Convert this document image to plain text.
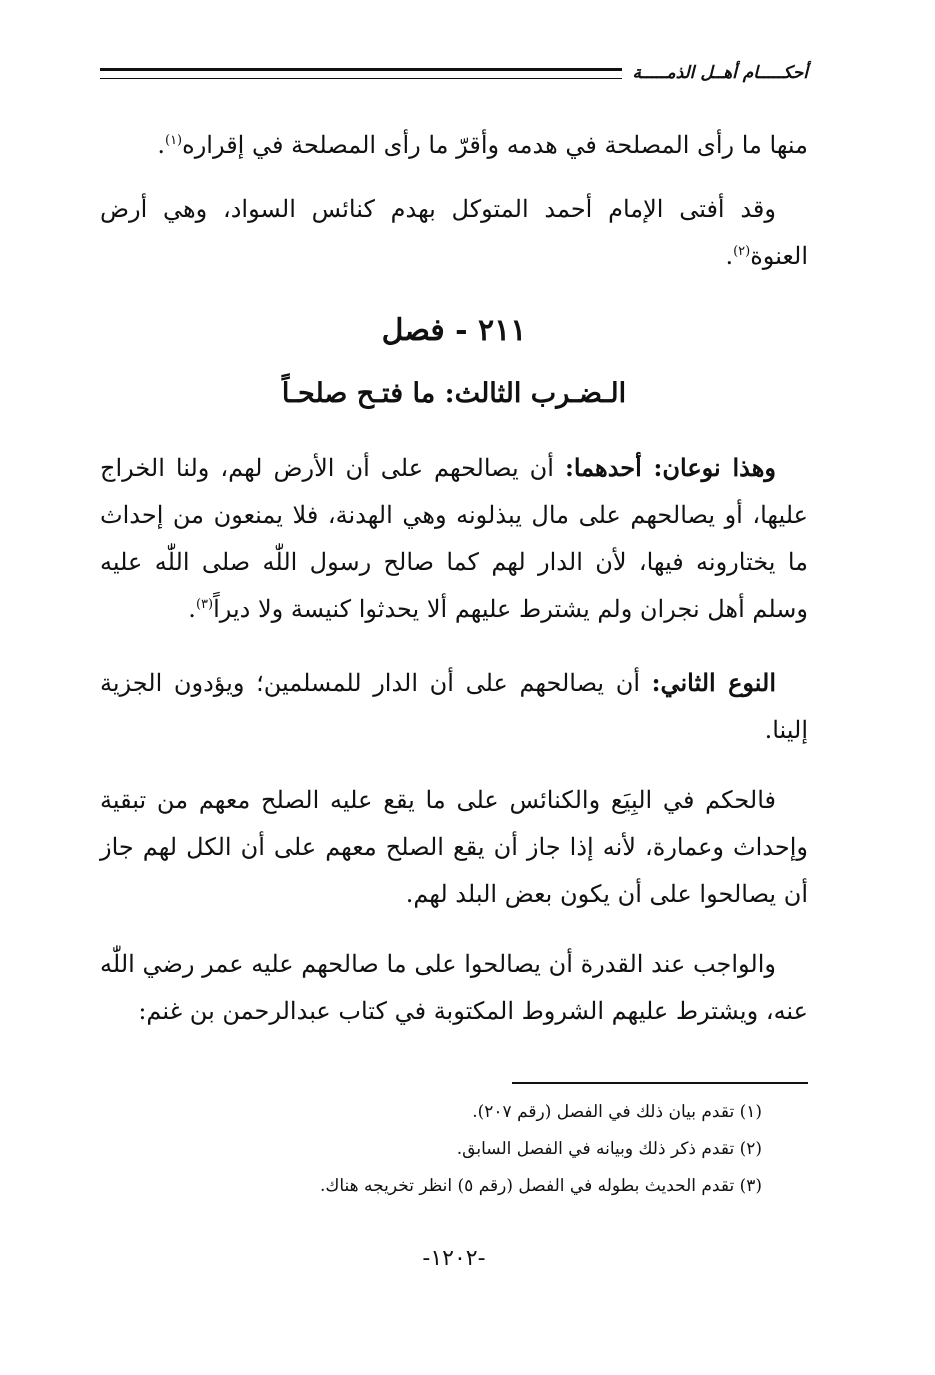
أحكـــــام أهــل الذمـــــة

منها ما رأى المصلحة في هدمه وأقرّ ما رأى المصلحة في إقراره$^{(١)}$.

وقد أفتى الإمام أحمد المتوكل بهدم كنائس السواد، وهي أرض العنوة$^{(٢)}$.

٢١١ - فصل
الـضـرب الثالث: ما فتـح صلحـاً

وهذا نوعان: أحدهما: أن يصالحهم على أن الأرض لهم، ولنا الخراج عليها، أو يصالحهم على مال يبذلونه وهي الهدنة، فلا يمنعون من إحداث ما يختارونه فيها، لأن الدار لهم كما صالح رسول اللّٰه صلى اللّٰه عليه وسلم أهل نجران ولم يشترط عليهم ألا يحدثوا كنيسة ولا ديراً$^{(٣)}$.

النوع الثاني: أن يصالحهم على أن الدار للمسلمين؛ ويؤدون الجزية إلينا.

فالحكم في البِيَع والكنائس على ما يقع عليه الصلح معهم من تبقية وإحداث وعمارة، لأنه إذا جاز أن يقع الصلح معهم على أن الكل لهم جاز أن يصالحوا على أن يكون بعض البلد لهم.

والواجب عند القدرة أن يصالحوا على ما صالحهم عليه عمر رضي اللّٰه عنه، ويشترط عليهم الشروط المكتوبة في كتاب عبدالرحمن بن غنم:

(١) تقدم بيان ذلك في الفصل (رقم ٢٠٧).
(٢) تقدم ذكر ذلك وبيانه في الفصل السابق.
(٣) تقدم الحديث بطوله في الفصل (رقم ٥) انظر تخريجه هناك.
-١٢٠٢-
